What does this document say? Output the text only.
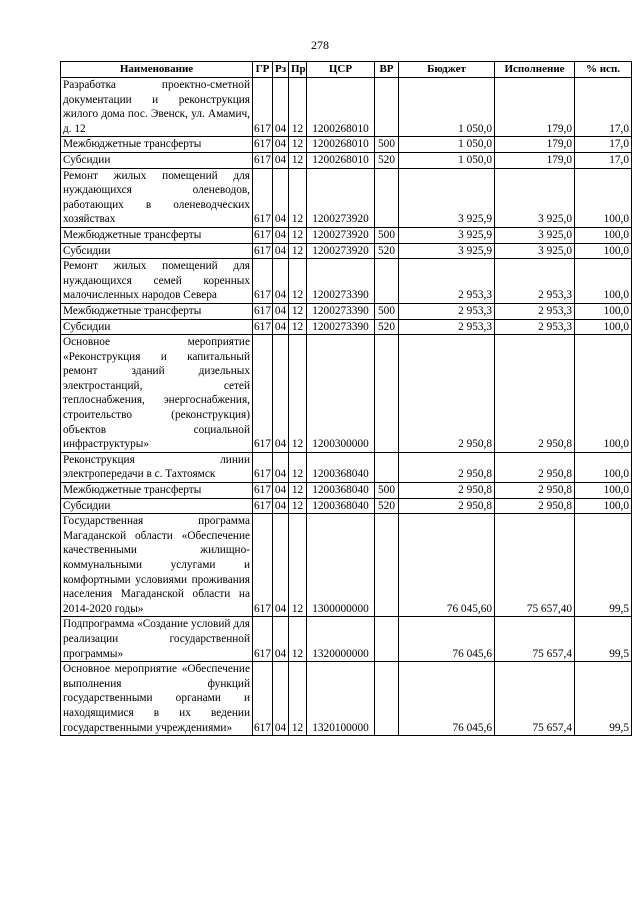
278
Наименование	ГР	Рз	Пр	ЦСР	ВР	Бюджет	Исполнение	% исп.
Разработка проектно-сметной документации и реконструкция жилого дома пос. Эвенск, ул. Амамич, д. 12	617	04	12	1200268010		1 050,0	179,0	17,0
Межбюджетные трансферты	617	04	12	1200268010	500	1 050,0	179,0	17,0
Субсидии	617	04	12	1200268010	520	1 050,0	179,0	17,0
Ремонт жилых помещений для нуждающихся оленеводов, работающих в оленеводческих хозяйствах	617	04	12	1200273920		3 925,9	3 925,0	100,0
Межбюджетные трансферты	617	04	12	1200273920	500	3 925,9	3 925,0	100,0
Субсидии	617	04	12	1200273920	520	3 925,9	3 925,0	100,0
Ремонт жилых помещений для нуждающихся семей коренных малочисленных народов Севера	617	04	12	1200273390		2 953,3	2 953,3	100,0
Межбюджетные трансферты	617	04	12	1200273390	500	2 953,3	2 953,3	100,0
Субсидии	617	04	12	1200273390	520	2 953,3	2 953,3	100,0
Основное мероприятие «Реконструкция и капитальный ремонт зданий дизельных электростанций, сетей теплоснабжения, энергоснабжения, строительство (реконструкция) объектов социальной инфраструктуры»	617	04	12	1200300000		2 950,8	2 950,8	100,0
Реконструкция линии электропередачи в с. Тахтоямск	617	04	12	1200368040		2 950,8	2 950,8	100,0
Межбюджетные трансферты	617	04	12	1200368040	500	2 950,8	2 950,8	100,0
Субсидии	617	04	12	1200368040	520	2 950,8	2 950,8	100,0
Государственная программа Магаданской области «Обеспечение качественными жилищно-коммунальными услугами и комфортными условиями проживания населения Магаданской области на 2014-2020 годы»	617	04	12	1300000000		76 045,60	75 657,40	99,5
Подпрограмма «Создание условий для реализации государственной программы»	617	04	12	1320000000		76 045,6	75 657,4	99,5
Основное мероприятие «Обеспечение выполнения функций государственными органами и находящимися в их ведении государственными учреждениями»	617	04	12	1320100000		76 045,6	75 657,4	99,5
